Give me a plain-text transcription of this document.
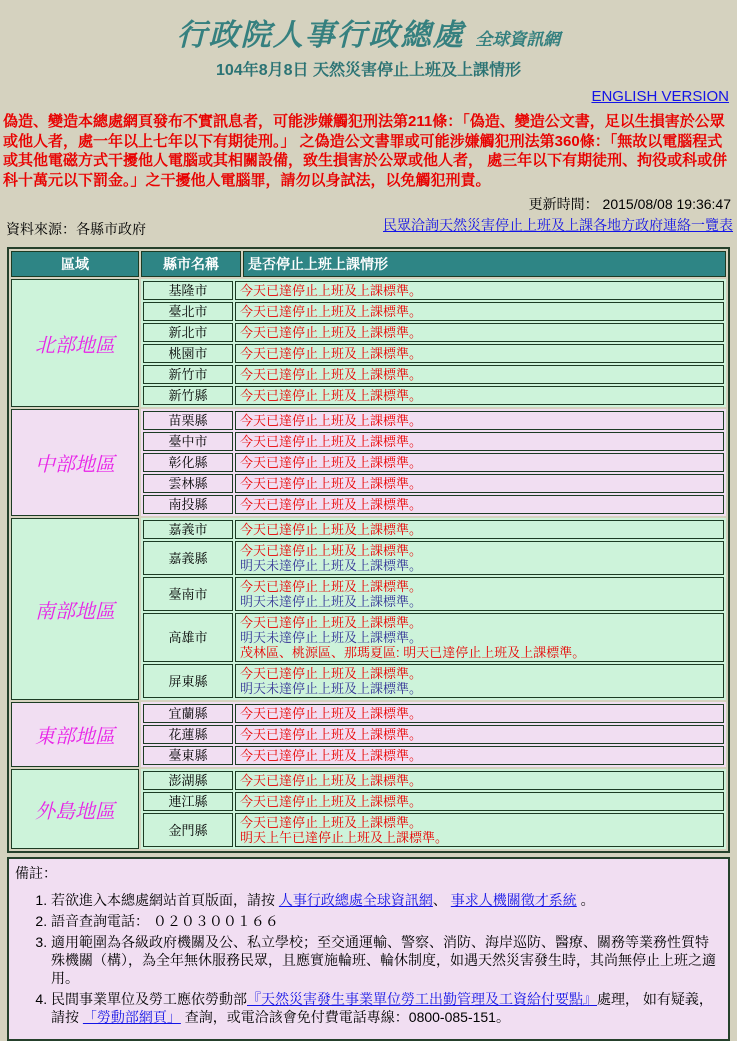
行政院人事行政總處 全球資訊網
104年8月8日 天然災害停止上班及上課情形
ENGLISH VERSION
偽造、變造本總處網頁發布不實訊息者，可能涉嫌觸犯刑法第211條：「偽造、變造公文書，足以生損害於公眾或他人者，處一年以上七年以下有期徒刑。」 之偽造公文書罪或可能涉嫌觸犯刑法第360條：「無故以電腦程式或其他電磁方式干擾他人電腦或其相關設備，致生損害於公眾或他人者， 處三年以下有期徒刑、拘役或科或併科十萬元以下罰金。」之干擾他人電腦罪，請勿以身試法，以免觸犯刑責。
更新時間： 2015/08/08 19:36:47
民眾洽詢天然災害停止上班及上課各地方政府連絡一覽表
資料來源：各縣市政府
區域	縣市名稱	是否停止上班上課情形
北部地區	
基隆市	今天已達停止上班及上課標準。

臺北市	今天已達停止上班及上課標準。

新北市	今天已達停止上班及上課標準。

桃園市	今天已達停止上班及上課標準。

新竹市	今天已達停止上班及上課標準。

新竹縣	今天已達停止上班及上課標準。

中部地區	
苗栗縣	今天已達停止上班及上課標準。

臺中市	今天已達停止上班及上課標準。

彰化縣	今天已達停止上班及上課標準。

雲林縣	今天已達停止上班及上課標準。

南投縣	今天已達停止上班及上課標準。

南部地區	
嘉義市	今天已達停止上班及上課標準。

嘉義縣	今天已達停止上班及上課標準。
明天未達停止上班及上課標準。

臺南市	今天已達停止上班及上課標準。
明天未達停止上班及上課標準。

高雄市	
今天已達停止上班及上課標準。
明天未達停止上班及上課標準。
茂林區、桃源區、那瑪夏區: 明天已達停止上班及上課標準。

屏東縣	今天已達停止上班及上課標準。
明天未達停止上班及上課標準。

東部地區	
宜蘭縣	今天已達停止上班及上課標準。

花蓮縣	今天已達停止上班及上課標準。

臺東縣	今天已達停止上班及上課標準。

外島地區	
澎湖縣	今天已達停止上班及上課標準。

連江縣	今天已達停止上班及上課標準。

金門縣	今天已達停止上班及上課標準。
明天上午已達停止上班及上課標準。
備註：
1. 若欲進入本總處網站首頁版面，請按 人事行政總處全球資訊網、 事求人機關徵才系統 。
2. 語音查詢電話： ０２０３００１６６
3. 適用範圍為各級政府機關及公、私立學校；至交通運輸、警察、消防、海岸巡防、醫療、關務等業務性質特殊機關（構），為全年無休服務民眾，且應實施輪班、輪休制度，如遇天然災害發生時，其尚無停止上班之適用。
4. 民間事業單位及勞工應依勞動部『天然災害發生事業單位勞工出勤管理及工資給付要點』處理， 如有疑義，請按 「勞動部網頁」 查詢，或電洽該會免付費電話專線：0800-085-151。
